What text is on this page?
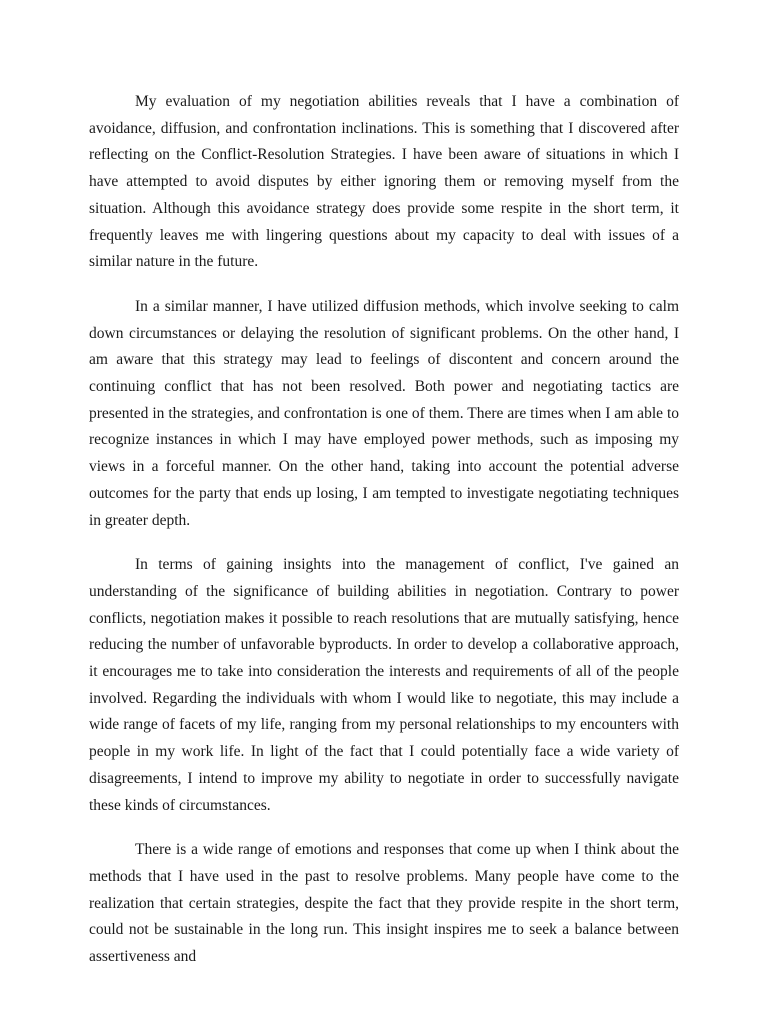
My evaluation of my negotiation abilities reveals that I have a combination of avoidance, diffusion, and confrontation inclinations. This is something that I discovered after reflecting on the Conflict-Resolution Strategies. I have been aware of situations in which I have attempted to avoid disputes by either ignoring them or removing myself from the situation. Although this avoidance strategy does provide some respite in the short term, it frequently leaves me with lingering questions about my capacity to deal with issues of a similar nature in the future.

In a similar manner, I have utilized diffusion methods, which involve seeking to calm down circumstances or delaying the resolution of significant problems. On the other hand, I am aware that this strategy may lead to feelings of discontent and concern around the continuing conflict that has not been resolved. Both power and negotiating tactics are presented in the strategies, and confrontation is one of them. There are times when I am able to recognize instances in which I may have employed power methods, such as imposing my views in a forceful manner. On the other hand, taking into account the potential adverse outcomes for the party that ends up losing, I am tempted to investigate negotiating techniques in greater depth.

In terms of gaining insights into the management of conflict, I've gained an understanding of the significance of building abilities in negotiation. Contrary to power conflicts, negotiation makes it possible to reach resolutions that are mutually satisfying, hence reducing the number of unfavorable byproducts. In order to develop a collaborative approach, it encourages me to take into consideration the interests and requirements of all of the people involved. Regarding the individuals with whom I would like to negotiate, this may include a wide range of facets of my life, ranging from my personal relationships to my encounters with people in my work life. In light of the fact that I could potentially face a wide variety of disagreements, I intend to improve my ability to negotiate in order to successfully navigate these kinds of circumstances.

There is a wide range of emotions and responses that come up when I think about the methods that I have used in the past to resolve problems. Many people have come to the realization that certain strategies, despite the fact that they provide respite in the short term, could not be sustainable in the long run. This insight inspires me to seek a balance between assertiveness and
